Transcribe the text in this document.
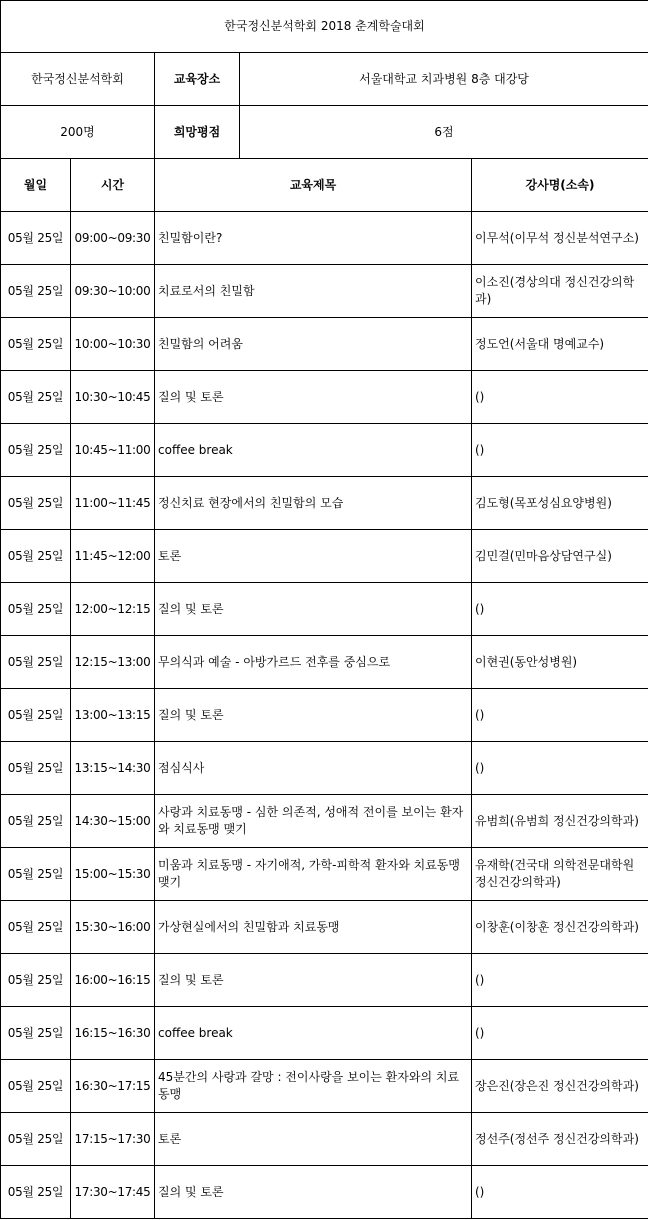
한국정신분석학회 2018 춘계학술대회		
한국정신분석학회	교육장소	서울대학교 치과병원 8층 대강당
200명	희망평점	6점
월일	시간	교육제목	강사명(소속)
05월 25일	09:00~09:30	친밀함이란?	이무석(이무석 정신분석연구소)
05월 25일	09:30~10:00	치료로서의 친밀함	이소진(경상의대 정신건강의학과)
05월 25일	10:00~10:30	친밀함의 어려움	정도언(서울대 명예교수)
05월 25일	10:30~10:45	질의 및 토론	()
05월 25일	10:45~11:00	coffee break	()
05월 25일	11:00~11:45	정신치료 현장에서의 친밀함의 모습	김도형(목포성심요양병원)
05월 25일	11:45~12:00	토론	김민걸(민마음상담연구실)
05월 25일	12:00~12:15	질의 및 토론	()
05월 25일	12:15~13:00	무의식과 예술 - 아방가르드 전후를 중심으로	이현권(동안성병원)
05월 25일	13:00~13:15	질의 및 토론	()
05월 25일	13:15~14:30	점심식사	()
05월 25일	14:30~15:00	사랑과 치료동맹 - 심한 의존적, 성애적 전이를 보이는 환자와 치료동맹 맺기	유범희(유범희 정신건강의학과)
05월 25일	15:00~15:30	미움과 치료동맹 - 자기애적, 가학-피학적 환자와 치료동맹 맺기	유재학(건국대 의학전문대학원 정신건강의학과)
05월 25일	15:30~16:00	가상현실에서의 친밀함과 치료동맹	이창훈(이창훈 정신건강의학과)
05월 25일	16:00~16:15	질의 및 토론	()
05월 25일	16:15~16:30	coffee break	()
05월 25일	16:30~17:15	45분간의 사랑과 갈망 : 전이사랑을 보이는 환자와의 치료동맹	장은진(장은진 정신건강의학과)
05월 25일	17:15~17:30	토론	정선주(정선주 정신건강의학과)
05월 25일	17:30~17:45	질의 및 토론	()
